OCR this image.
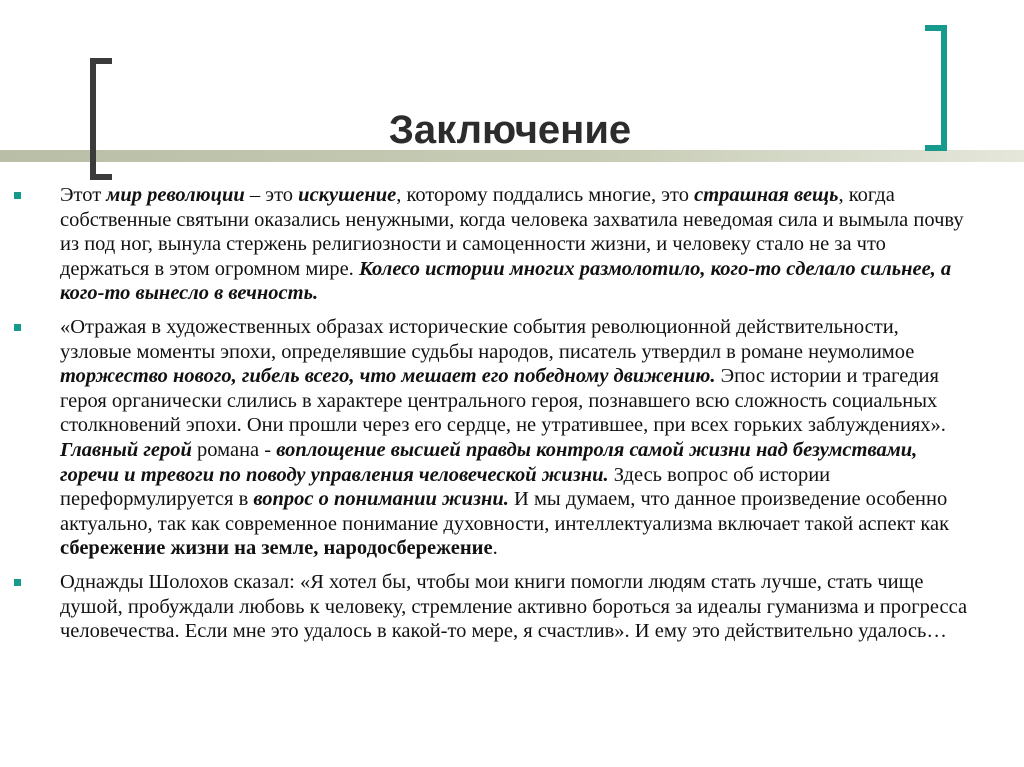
Заключение

Этот мир революции – это искушение, которому поддались многие, это страшная вещь, когда собственные святыни оказались ненужными, когда человека захватила неведомая сила и вымыла почву из под ног, вынула стержень религиозности и самоценности жизни, и человеку стало не за что держаться в этом огромном мире. Колесо истории многих размолотило, кого-то сделало сильнее, а кого-то вынесло в вечность.

«Отражая в художественных образах исторические события революционной действительности, узловые моменты эпохи, определявшие судьбы народов, писатель утвердил в романе неумолимое торжество нового, гибель всего, что мешает его победному движению. Эпос истории и трагедия героя органически слились в характере центрального героя, познавшего всю сложность социальных столкновений эпохи. Они прошли через его сердце, не утратившее, при всех горьких заблуждениях». Главный герой романа - воплощение высшей правды контроля самой жизни над безумствами, горечи и тревоги по поводу управления человеческой жизни. Здесь вопрос об истории переформулируется в вопрос о понимании жизни. И мы думаем, что данное произведение особенно актуально, так как современное понимание духовности, интеллектуализма включает такой аспект как сбережение жизни на земле, народосбережение.

Однажды Шолохов сказал: «Я хотел бы, чтобы мои книги помогли людям стать лучше, стать чище душой, пробуждали любовь к человеку, стремление активно бороться за идеалы гуманизма и прогресса человечества. Если мне это удалось в какой-то мере, я счастлив». И ему это действительно удалось…
